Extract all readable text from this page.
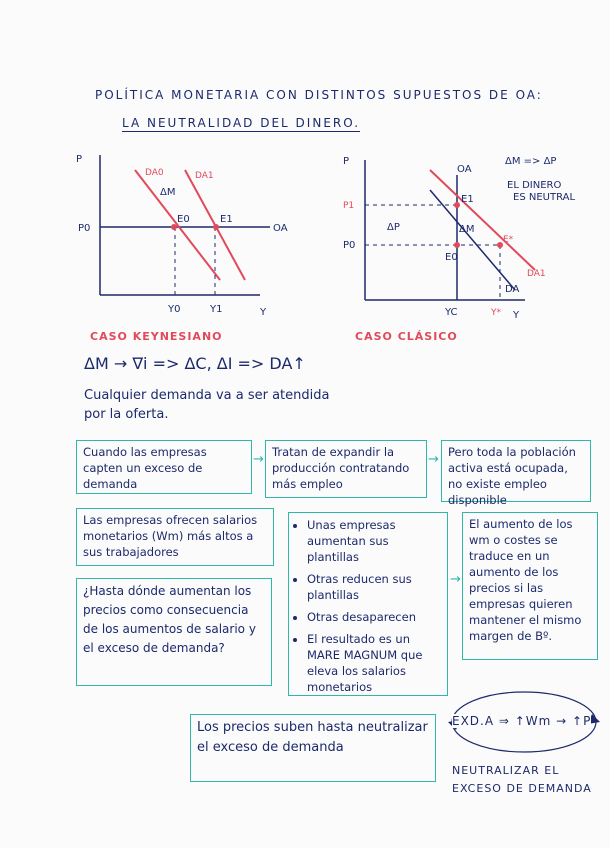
POLÍTICA MONETARIA CON DISTINTOS SUPUESTOS DE OA:
LA NEUTRALIDAD DEL DINERO.
P
Y
P0	OA
DA0	DA1
ΔM
E0	E1
Y0	Y1
P
Y
OA
P1
P0
ΔP	ΔM
E0
E1
E*
DA1
DA
YC	Y*
ΔM => ΔP
EL DINERO
ES NEUTRAL
CASO KEYNESIANO	CASO CLÁSICO
ΔM → ∇i => ΔC, ΔI => DA↑
Cualquier demanda va a ser atendida por la oferta.
Cuando las empresas capten un exceso de demanda
→ Tratan de expandir la producción contratando más empleo
→ Pero toda la población activa está ocupada, no existe empleo disponible
Las empresas ofrecen salarios monetarios (Wm) más altos a sus trabajadores
• Unas empresas aumentan sus plantillas
• Otras reducen sus plantillas
• Otras desaparecen
• El resultado es un MARE MAGNUM que eleva los salarios monetarios
→
El aumento de los wm o costes se traduce en un aumento de los precios si las empresas quieren mantener el mismo margen de Bº.
¿Hasta dónde aumentan los precios como consecuencia de los aumentos de salario y el exceso de demanda?
Los precios suben hasta neutralizar el exceso de demanda
EXD.A ⇒ ↑Wm → ↑P
NEUTRALIZAR EL
EXCESO DE DEMANDA
